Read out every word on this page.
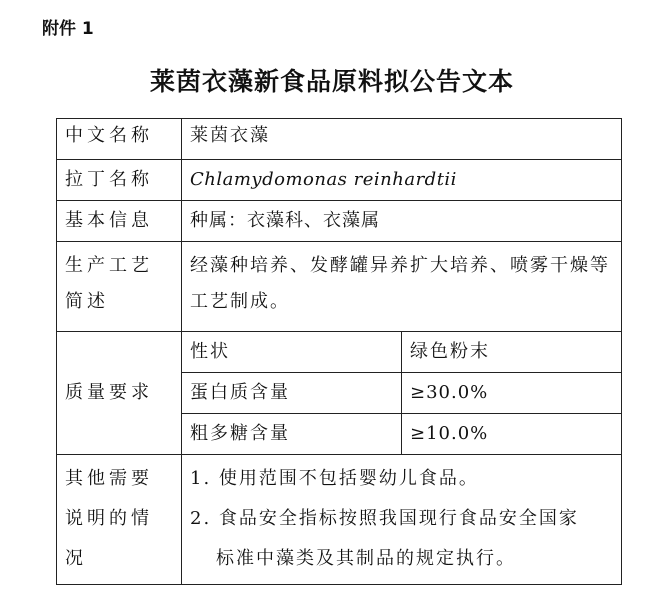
附件 1
莱茵衣藻新食品原料拟公告文本
中文名称	莱茵衣藻	
拉丁名称	Chlamydomonas reinhardtii	
基本信息	种属：衣藻科、衣藻属	
生产工艺简述	经藻种培养、发酵罐异养扩大培养、喷雾干燥等工艺制成。	
质量要求	性状	绿色粉末
	蛋白质含量	≥30.0%
	粗多糖含量	≥10.0%
其他需要说明的情况	1. 使用范围不包括婴幼儿食品。
2. 食品安全指标按照我国现行食品安全国家
标准中藻类及其制品的规定执行。	
